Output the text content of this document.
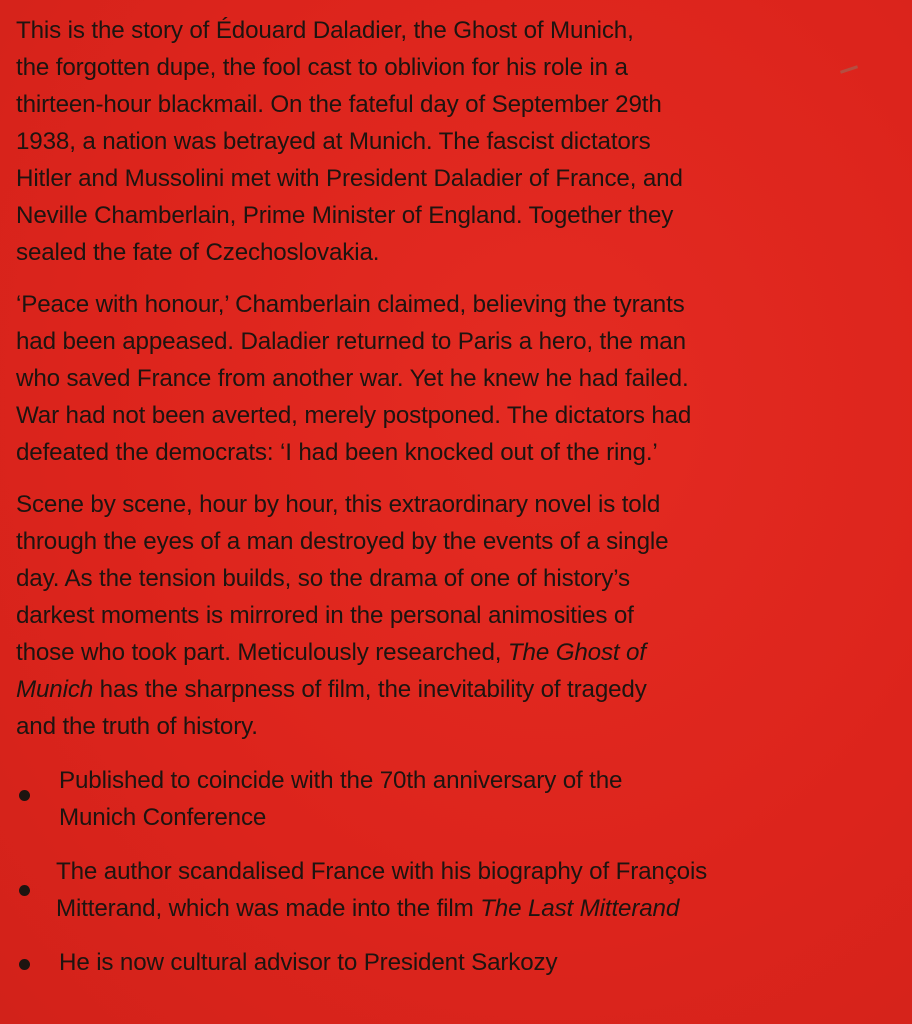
This is the story of Édouard Daladier, the Ghost of Munich,
the forgotten dupe, the fool cast to oblivion for his role in a
thirteen-hour blackmail. On the fateful day of September 29th
1938, a nation was betrayed at Munich. The fascist dictators
Hitler and Mussolini met with President Daladier of France, and
Neville Chamberlain, Prime Minister of England. Together they
sealed the fate of Czechoslovakia.

‘Peace with honour,’ Chamberlain claimed, believing the tyrants
had been appeased. Daladier returned to Paris a hero, the man
who saved France from another war. Yet he knew he had failed.
War had not been averted, merely postponed. The dictators had
defeated the democrats: ‘I had been knocked out of the ring.’

Scene by scene, hour by hour, this extraordinary novel is told
through the eyes of a man destroyed by the events of a single
day. As the tension builds, so the drama of one of history’s
darkest moments is mirrored in the personal animosities of
those who took part. Meticulously researched, The Ghost of
Munich has the sharpness of film, the inevitability of tragedy
and the truth of history.

Published to coincide with the 70th anniversary of the
Munich Conference
The author scandalised France with his biography of François
Mitterand, which was made into the film The Last Mitterand
He is now cultural advisor to President Sarkozy
